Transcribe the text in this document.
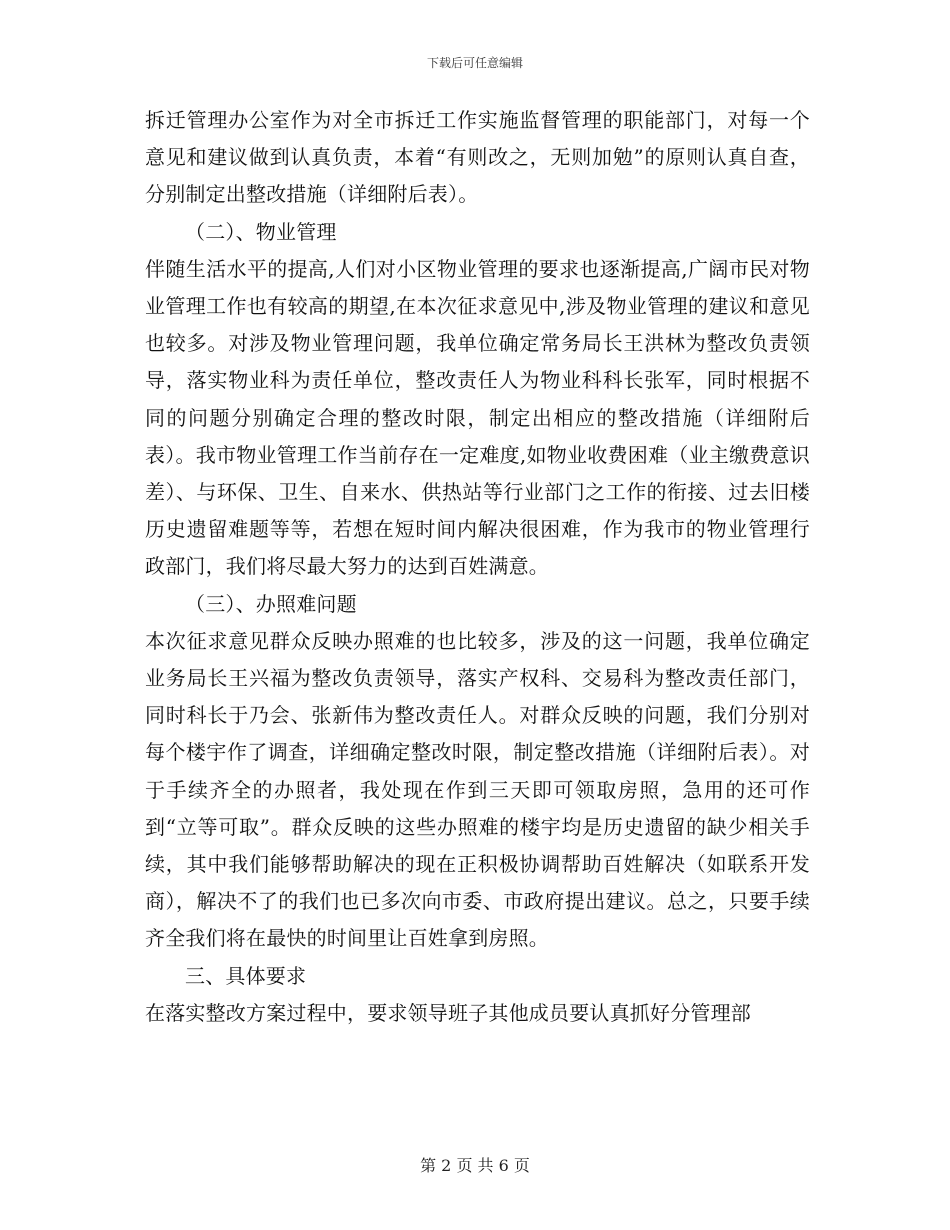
下载后可任意编辑

拆迁管理办公室作为对全市拆迁工作实施监督管理的职能部门，对每一个意见和建议做到认真负责，本着“有则改之，无则加勉”的原则认真自查，分别制定出整改措施（详细附后表）。

（二）、物业管理

伴随生活水平的提高,人们对小区物业管理的要求也逐渐提高,广阔市民对物业管理工作也有较高的期望,在本次征求意见中,涉及物业管理的建议和意见也较多。对涉及物业管理问题，我单位确定常务局长王洪林为整改负责领导，落实物业科为责任单位，整改责任人为物业科科长张军，同时根据不同的问题分别确定合理的整改时限，制定出相应的整改措施（详细附后表）。我市物业管理工作当前存在一定难度,如物业收费困难（业主缴费意识差）、与环保、卫生、自来水、供热站等行业部门之工作的衔接、过去旧楼历史遗留难题等等，若想在短时间内解决很困难，作为我市的物业管理行政部门，我们将尽最大努力的达到百姓满意。

（三）、办照难问题

本次征求意见群众反映办照难的也比较多，涉及的这一问题，我单位确定业务局长王兴福为整改负责领导，落实产权科、交易科为整改责任部门，同时科长于乃会、张新伟为整改责任人。对群众反映的问题，我们分别对每个楼宇作了调查，详细确定整改时限，制定整改措施（详细附后表）。对于手续齐全的办照者，我处现在作到三天即可领取房照，急用的还可作到“立等可取”。群众反映的这些办照难的楼宇均是历史遗留的缺少相关手续，其中我们能够帮助解决的现在正积极协调帮助百姓解决（如联系开发商），解决不了的我们也已多次向市委、市政府提出建议。总之，只要手续齐全我们将在最快的时间里让百姓拿到房照。

三、具体要求

在落实整改方案过程中，要求领导班子其他成员要认真抓好分管理部

第 2 页 共 6 页
